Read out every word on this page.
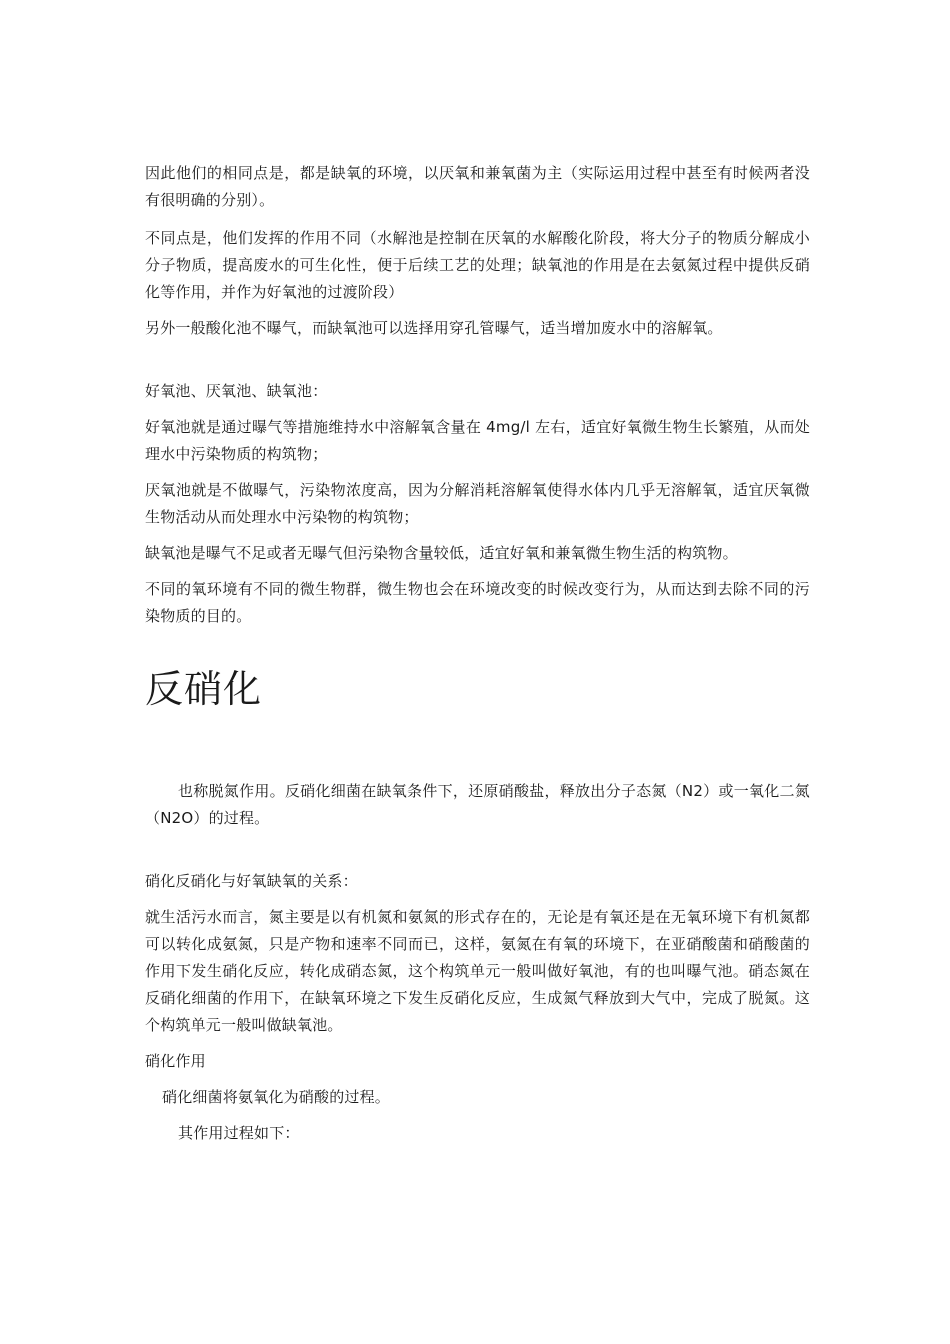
因此他们的相同点是，都是缺氧的环境，以厌氧和兼氧菌为主（实际运用过程中甚至有时候两者没有很明确的分别）。

不同点是，他们发挥的作用不同（水解池是控制在厌氧的水解酸化阶段，将大分子的物质分解成小分子物质，提高废水的可生化性，便于后续工艺的处理；缺氧池的作用是在去氨氮过程中提供反硝化等作用，并作为好氧池的过渡阶段）

另外一般酸化池不曝气，而缺氧池可以选择用穿孔管曝气，适当增加废水中的溶解氧。

好氧池、厌氧池、缺氧池：

好氧池就是通过曝气等措施维持水中溶解氧含量在 4mg/l 左右，适宜好氧微生物生长繁殖，从而处理水中污染物质的构筑物；

厌氧池就是不做曝气，污染物浓度高，因为分解消耗溶解氧使得水体内几乎无溶解氧，适宜厌氧微生物活动从而处理水中污染物的构筑物；

缺氧池是曝气不足或者无曝气但污染物含量较低，适宜好氧和兼氧微生物生活的构筑物。

不同的氧环境有不同的微生物群，微生物也会在环境改变的时候改变行为，从而达到去除不同的污染物质的目的。

反硝化

也称脱氮作用。反硝化细菌在缺氧条件下，还原硝酸盐，释放出分子态氮（N2）或一氧化二氮（N2O）的过程。

硝化反硝化与好氧缺氧的关系：

就生活污水而言，氮主要是以有机氮和氨氮的形式存在的，无论是有氧还是在无氧环境下有机氮都可以转化成氨氮，只是产物和速率不同而已，这样，氨氮在有氧的环境下，在亚硝酸菌和硝酸菌的作用下发生硝化反应，转化成硝态氮，这个构筑单元一般叫做好氧池，有的也叫曝气池。硝态氮在反硝化细菌的作用下，在缺氧环境之下发生反硝化反应，生成氮气释放到大气中，完成了脱氮。这个构筑单元一般叫做缺氧池。

硝化作用

硝化细菌将氨氧化为硝酸的过程。

其作用过程如下：
